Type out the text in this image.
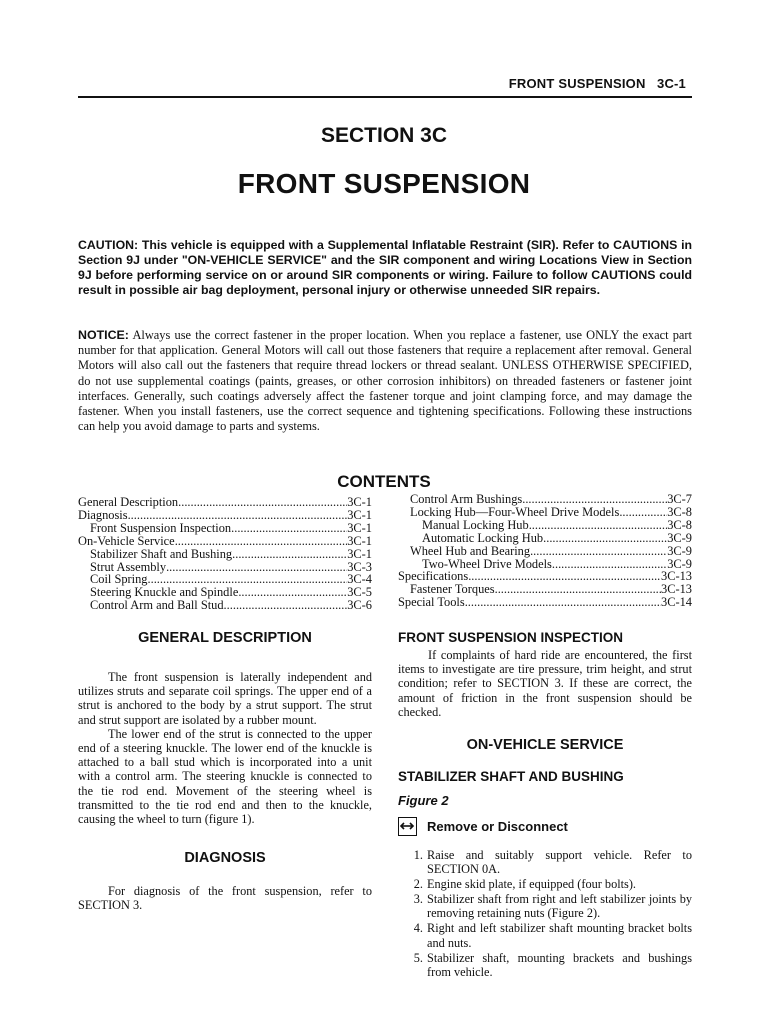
FRONT SUSPENSION   3C-1
SECTION 3C
FRONT SUSPENSION
CAUTION: This vehicle is equipped with a Supplemental Inflatable Restraint (SIR). Refer to CAUTIONS in Section 9J under "ON-VEHICLE SERVICE" and the SIR component and wiring Locations View in Section 9J before performing service on or around SIR components or wiring. Failure to follow CAUTIONS could result in possible air bag deployment, personal injury or otherwise unneeded SIR repairs.
NOTICE: Always use the correct fastener in the proper location. When you replace a fastener, use ONLY the exact part number for that application. General Motors will call out those fasteners that require a replacement after removal. General Motors will also call out the fasteners that require thread lockers or thread sealant. UNLESS OTHERWISE SPECIFIED, do not use supplemental coatings (paints, greases, or other corrosion inhibitors) on threaded fasteners or fastener joint interfaces. Generally, such coatings adversely affect the fastener torque and joint clamping force, and may damage the fastener. When you install fasteners, use the correct sequence and tightening specifications. Following these instructions can help you avoid damage to parts and systems.
CONTENTS
General Description .....	3C-1
Diagnosis .....	3C-1
Front Suspension Inspection .....	3C-1
On-Vehicle Service .....	3C-1
Stabilizer Shaft and Bushing .....	3C-1
Strut Assembly .....	3C-3
Coil Spring .....	3C-4
Steering Knuckle and Spindle .....	3C-5
Control Arm and Ball Stud .....	3C-6
Control Arm Bushings .....	3C-7
Locking Hub—Four-Wheel Drive Models .....	3C-8
Manual Locking Hub .....	3C-8
Automatic Locking Hub .....	3C-9
Wheel Hub and Bearing .....	3C-9
Two-Wheel Drive Models .....	3C-9
Specifications .....	3C-13
Fastener Torques .....	3C-13
Special Tools .....	3C-14
GENERAL DESCRIPTION

The front suspension is laterally independent and utilizes struts and separate coil springs. The upper end of a strut is anchored to the body by a strut support. The strut and strut support are isolated by a rubber mount.

The lower end of the strut is connected to the upper end of a steering knuckle. The lower end of the knuckle is attached to a ball stud which is incorporated into a unit with a control arm. The steering knuckle is connected to the tie rod end. Movement of the steering wheel is transmitted to the tie rod end and then to the knuckle, causing the wheel to turn (figure 1).

DIAGNOSIS

For diagnosis of the front suspension, refer to SECTION 3.

FRONT SUSPENSION INSPECTION

If complaints of hard ride are encountered, the first items to investigate are tire pressure, trim height, and strut condition; refer to SECTION 3. If these are correct, the amount of friction in the front suspension should be checked.

ON-VEHICLE SERVICE
STABILIZER SHAFT AND BUSHING
Figure 2
Remove or Disconnect
1. Raise and suitably support vehicle. Refer to SECTION 0A.
2. Engine skid plate, if equipped (four bolts).
3. Stabilizer shaft from right and left stabilizer joints by removing retaining nuts (Figure 2).
4. Right and left stabilizer shaft mounting bracket bolts and nuts.
5. Stabilizer shaft, mounting brackets and bushings from vehicle.
